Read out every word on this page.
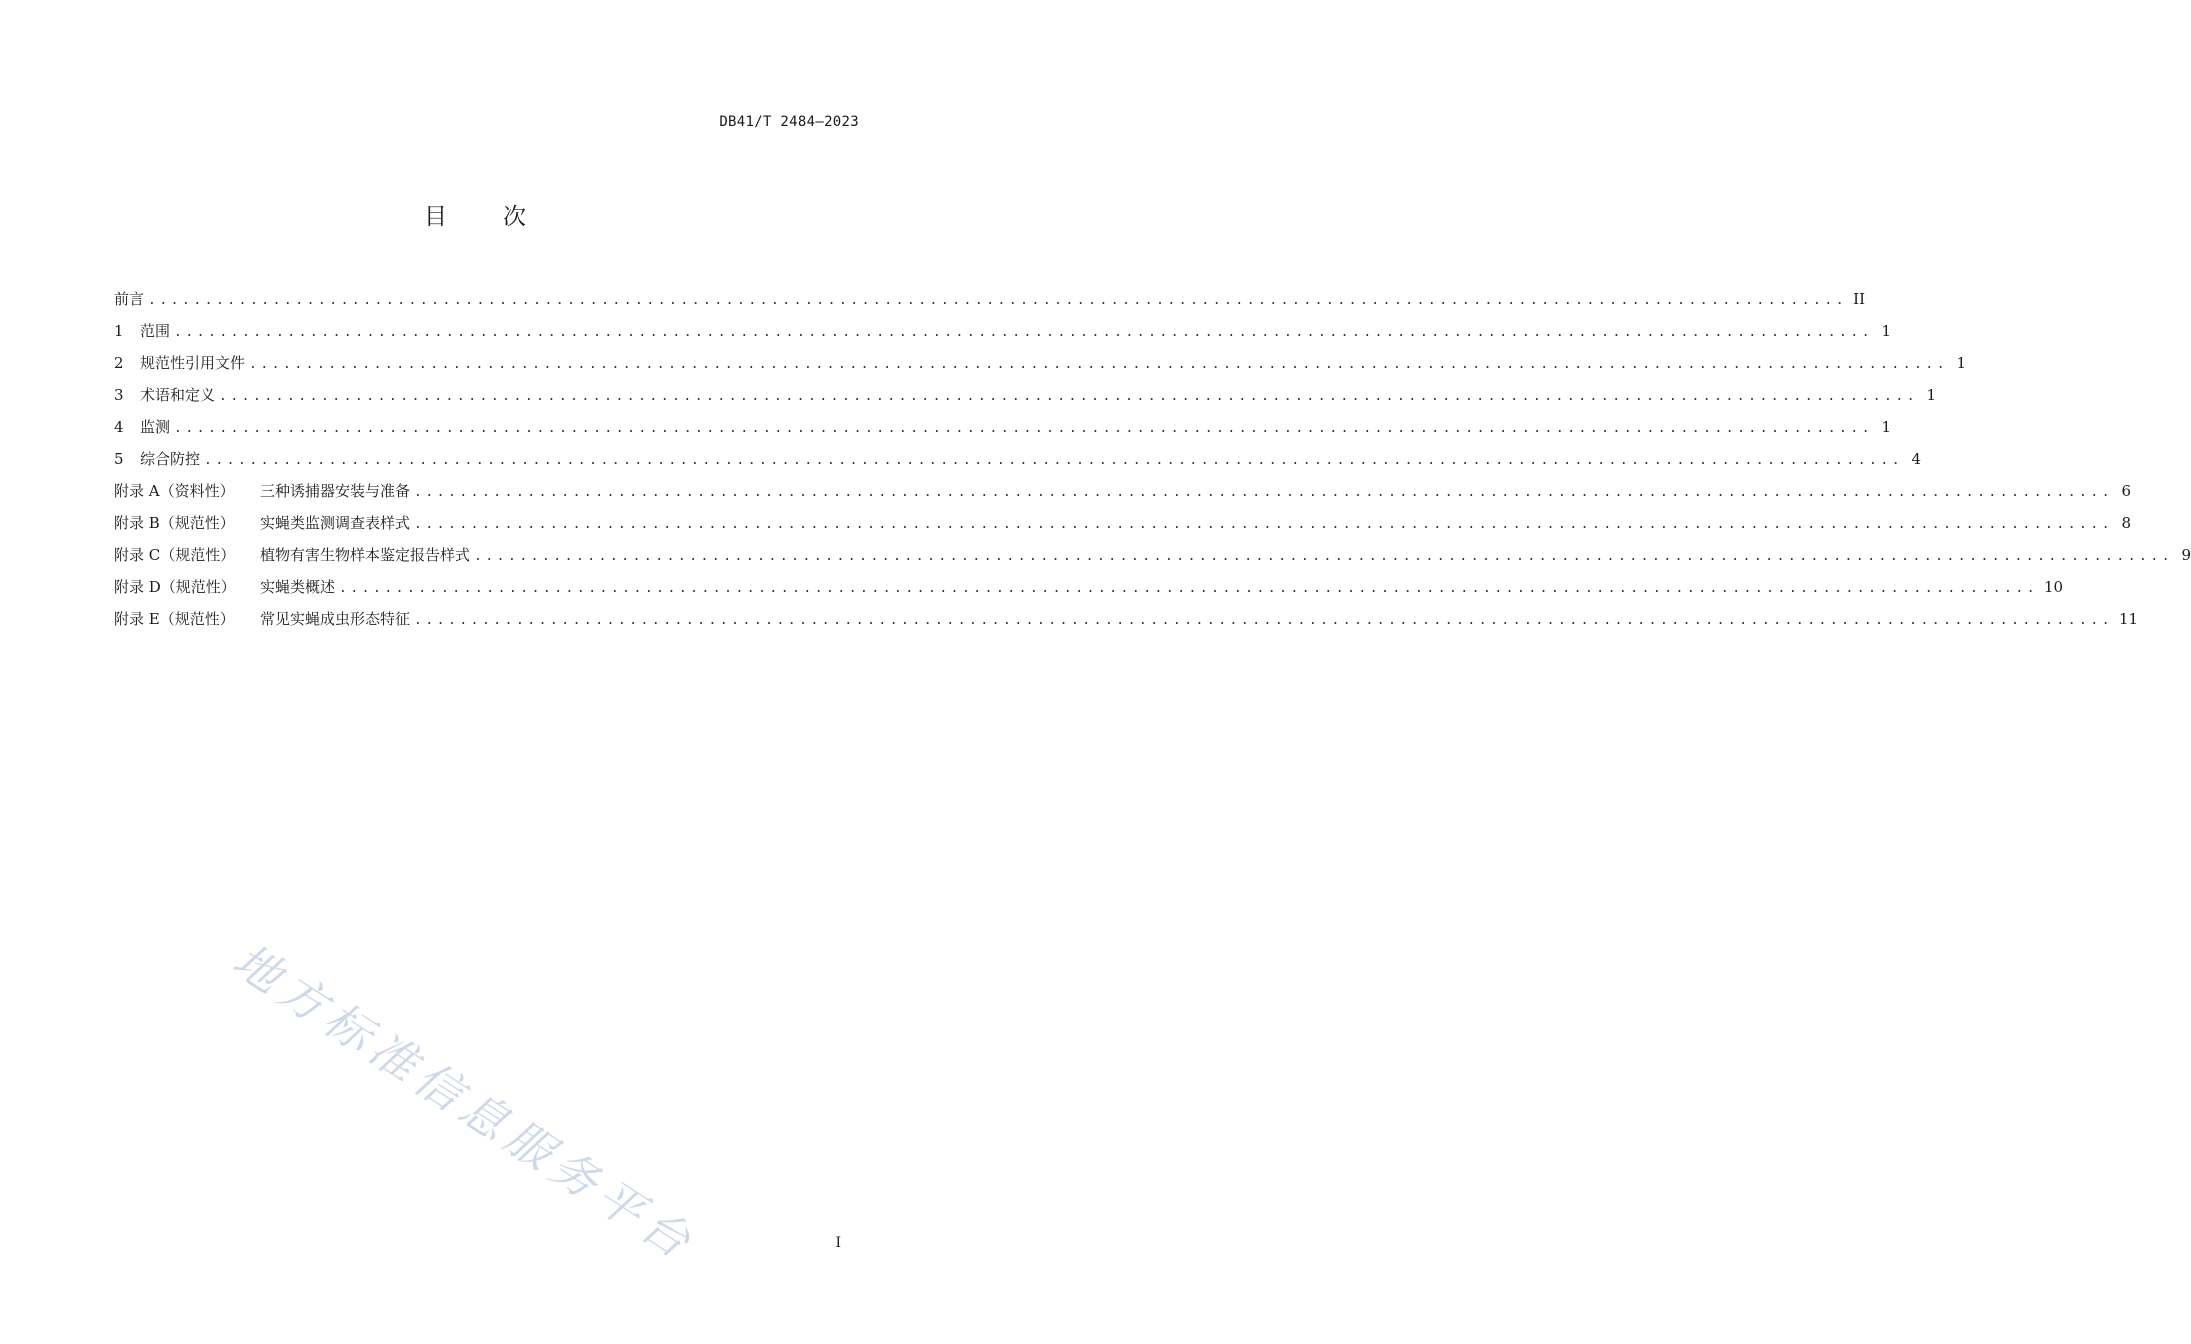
DB41/T 2484—2023
目 次
前言 ...................................................................................................................................................... II
1	范围 ...................................................................................................................................................... 1
2	规范性引用文件 ...................................................................................................................................................... 1
3	术语和定义 ...................................................................................................................................................... 1
4	监测 ...................................................................................................................................................... 1
5	综合防控 ...................................................................................................................................................... 4
附录 A（资料性）	三种诱捕器安装与准备 ...................................................................................................................................................... 6
附录 B（规范性）	实蝇类监测调查表样式 ...................................................................................................................................................... 8
附录 C（规范性）	植物有害生物样本鉴定报告样式 ...................................................................................................................................................... 9
附录 D（规范性）	实蝇类概述 ...................................................................................................................................................... 10
附录 E（规范性）	常见实蝇成虫形态特征 ...................................................................................................................................................... 11
地方标准信息服务平台	I
